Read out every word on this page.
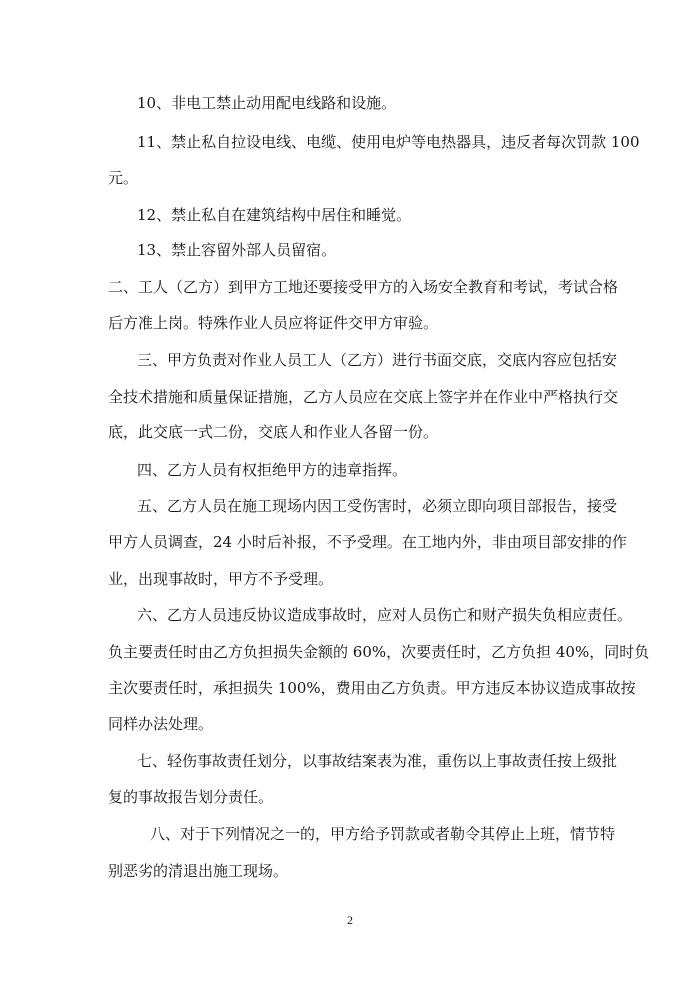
10、非电工禁止动用配电线路和设施。

11、禁止私自拉设电线、电缆、使用电炉等电热器具，违反者每次罚款 100

元。

12、禁止私自在建筑结构中居住和睡觉。

13、禁止容留外部人员留宿。

二、工人（乙方）到甲方工地还要接受甲方的入场安全教育和考试，考试合格

后方准上岗。特殊作业人员应将证件交甲方审验。

三、甲方负责对作业人员工人（乙方）进行书面交底，交底内容应包括安

全技术措施和质量保证措施，乙方人员应在交底上签字并在作业中严格执行交

底，此交底一式二份，交底人和作业人各留一份。

四、乙方人员有权拒绝甲方的违章指挥。

五、乙方人员在施工现场内因工受伤害时，必须立即向项目部报告，接受

甲方人员调查，24 小时后补报，不予受理。在工地内外，非由项目部安排的作

业，出现事故时，甲方不予受理。

六、乙方人员违反协议造成事故时，应对人员伤亡和财产损失负相应责任。

负主要责任时由乙方负担损失金额的 60%，次要责任时，乙方负担 40%，同时负

主次要责任时，承担损失 100%，费用由乙方负责。甲方违反本协议造成事故按

同样办法处理。

七、轻伤事故责任划分，以事故结案表为准，重伤以上事故责任按上级批

复的事故报告划分责任。

八、对于下列情况之一的，甲方给予罚款或者勒令其停止上班，情节特

别恶劣的清退出施工现场。

2
